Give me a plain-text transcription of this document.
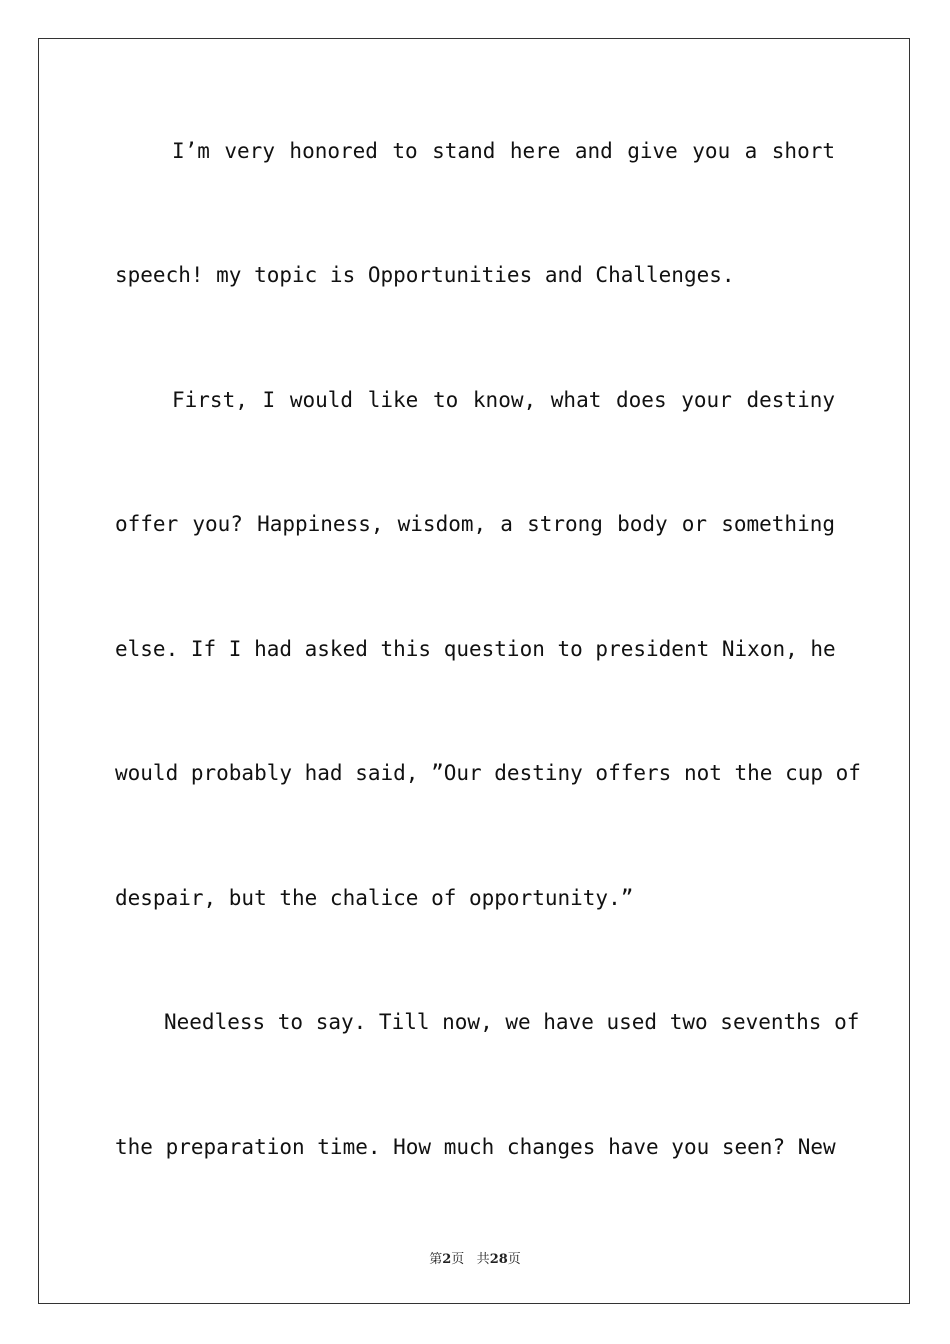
I’m very honored to stand here and give you a short
speech! my topic is Opportunities and Challenges.
First, I would like to know, what does your destiny
offer you? Happiness, wisdom, a strong body or something
else. If I had asked this question to president Nixon, he
would probably had said, ”Our destiny offers not the cup of
despair, but the chalice of opportunity.”
Needless to say. Till now, we have used two sevenths of
the preparation time. How much changes have you seen? New
第2页 共28页
